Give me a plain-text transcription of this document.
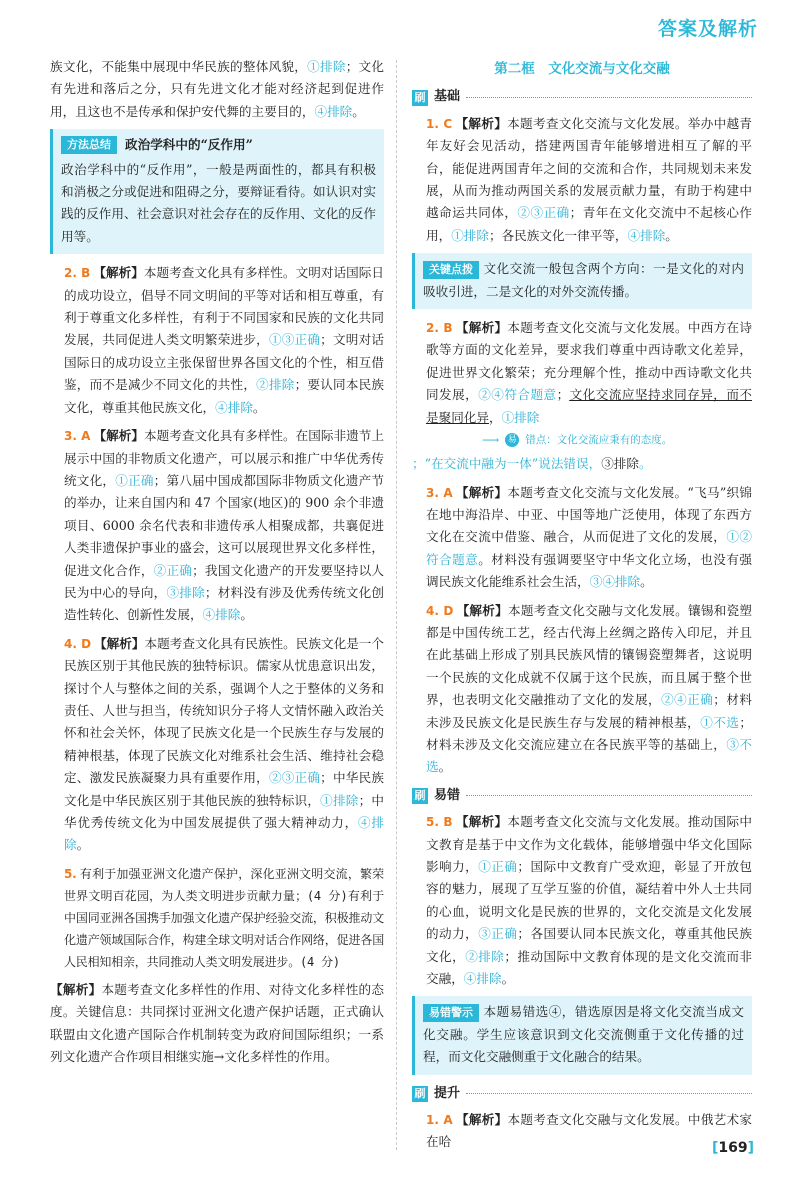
答案及解析

族文化，不能集中展现中华民族的整体风貌，①排除；文化有先进和落后之分，只有先进文化才能对经济起到促进作用，且这也不是传承和保护安代舞的主要目的，④排除。

方法总结	政治学科中的“反作用”
政治学科中的“反作用”，一般是两面性的，都具有积极和消极之分或促进和阻碍之分，要辩证看待。如认识对实践的反作用、社会意识对社会存在的反作用、文化的反作用等。

2. B 【解析】本题考查文化具有多样性。文明对话国际日的成功设立，倡导不同文明间的平等对话和相互尊重，有利于尊重文化多样性，有利于不同国家和民族的文化共同发展，共同促进人类文明繁荣进步，①③正确；文明对话国际日的成功设立主张保留世界各国文化的个性，相互借鉴，而不是减少不同文化的共性，②排除；要认同本民族文化，尊重其他民族文化，④排除。

3. A 【解析】本题考查文化具有多样性。在国际非遗节上展示中国的非物质文化遗产，可以展示和推广中华优秀传统文化，①正确；第八届中国成都国际非物质文化遗产节的举办，让来自国内和 47 个国家(地区)的 900 余个非遗项目、6000 余名代表和非遗传承人相聚成都，共襄促进人类非遗保护事业的盛会，这可以展现世界文化多样性，促进文化合作，②正确；我国文化遗产的开发要坚持以人民为中心的导向，③排除；材料没有涉及优秀传统文化创造性转化、创新性发展，④排除。

4. D 【解析】本题考查文化具有民族性。民族文化是一个民族区别于其他民族的独特标识。儒家从忧患意识出发，探讨个人与整体之间的关系，强调个人之于整体的义务和责任、人世与担当，传统知识分子将人文情怀融入政治关怀和社会关怀，体现了民族文化是一个民族生存与发展的精神根基，体现了民族文化对维系社会生活、维持社会稳定、激发民族凝聚力具有重要作用，②③正确；中华民族文化是中华民族区别于其他民族的独特标识，①排除；中华优秀传统文化为中国发展提供了强大精神动力，④排除。

5. 有利于加强亚洲文化遗产保护，深化亚洲文明交流，繁荣世界文明百花园，为人类文明进步贡献力量；(4 分)有利于中国同亚洲各国携手加强文化遗产保护经验交流，积极推动文化遗产领域国际合作，构建全球文明对话合作网络，促进各国人民相知相亲，共同推动人类文明发展进步。(4 分)

【解析】本题考查文化多样性的作用、对待文化多样性的态度。关键信息：共同探讨亚洲文化遗产保护话题，正式确认联盟由文化遗产国际合作机制转变为政府间国际组织；一系列文化遗产合作项目相继实施→文化多样性的作用。

第二框　文化交流与文化交融
刷 基础

1. C 【解析】本题考查文化交流与文化发展。举办中越青年友好会见活动，搭建两国青年能够增进相互了解的平台，能促进两国青年之间的交流和合作，共同规划未来发展，从而为推动两国关系的发展贡献力量，有助于构建中越命运共同体，②③正确；青年在文化交流中不起核心作用，①排除；各民族文化一律平等，④排除。

关键点拨 文化交流一般包含两个方向：一是文化的对内吸收引进，二是文化的对外交流传播。

2. B 【解析】本题考查文化交流与文化发展。中西方在诗歌等方面的文化差异，要求我们尊重中西诗歌文化差异，促进世界文化繁荣；充分理解个性，推动中西诗歌文化共同发展，②④符合题意；文化交流应坚持求同存异，而不是聚同化异，①排除

⟶ 易 错点：文化交流应秉有的态度。

；“在交流中融为一体”说法错误，③排除。

3. A 【解析】本题考查文化交流与文化发展。“飞马”织锦在地中海沿岸、中亚、中国等地广泛使用，体现了东西方文化在交流中借鉴、融合，从而促进了文化的发展，①②符合题意。材料没有强调要坚守中华文化立场，也没有强调民族文化能维系社会生活，③④排除。

4. D 【解析】本题考查文化交融与文化发展。镶锡和瓷塑都是中国传统工艺，经古代海上丝绸之路传入印尼，并且在此基础上形成了别具民族风情的镶锡瓷塑舞者，这说明一个民族的文化成就不仅属于这个民族，而且属于整个世界，也表明文化交融推动了文化的发展，②④正确；材料未涉及民族文化是民族生存与发展的精神根基，①不选；材料未涉及文化交流应建立在各民族平等的基础上，③不选。

刷 易错

5. B 【解析】本题考查文化交流与文化发展。推动国际中文教育是基于中文作为文化载体，能够增强中华文化国际影响力，①正确；国际中文教育广受欢迎，彰显了开放包容的魅力，展现了互学互鉴的价值，凝结着中外人士共同的心血，说明文化是民族的世界的，文化交流是文化发展的动力，③正确；各国要认同本民族文化，尊重其他民族文化，②排除；推动国际中文教育体现的是文化交流而非交融，④排除。

易错警示 本题易错选④，错选原因是将文化交流当成文化交融。学生应该意识到文化交流侧重于文化传播的过程，而文化交融侧重于文化融合的结果。
刷 提升

1. A 【解析】本题考查文化交融与文化发展。中俄艺术家在哈	[169]
